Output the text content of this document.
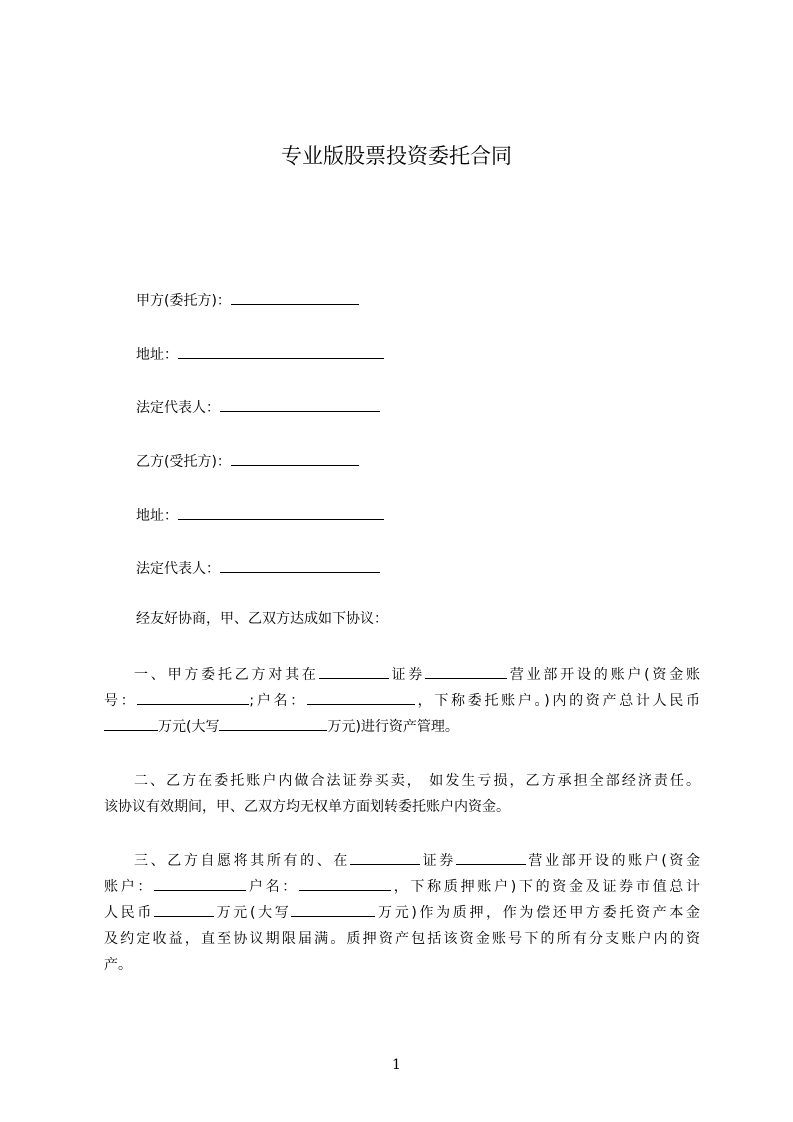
专业版股票投资委托合同
甲方(委托方)：
地址：
法定代表人：
乙方(受托方)：
地址：
法定代表人：
经友好协商，甲、乙双方达成如下协议：
一、甲方委托乙方对其在	证券	营业部开设的账户(资金账
号：	;户名：	，下称委托账户。)内的资产总计人民币
万元(大写	万元)进行资产管理。
二、乙方在委托账户内做合法证券买卖， 如发生亏损，乙方承担全部经济责任。
该协议有效期间，甲、乙双方均无权单方面划转委托账户内资金。
三、乙方自愿将其所有的、在	证券	营业部开设的账户(资金
账户：	户名：	，下称质押账户)下的资金及证券市值总计
人民币	万元(大写	万元)作为质押，作为偿还甲方委托资产本金
及约定收益，直至协议期限届满。质押资产包括该资金账号下的所有分支账户内的资
产。
1
